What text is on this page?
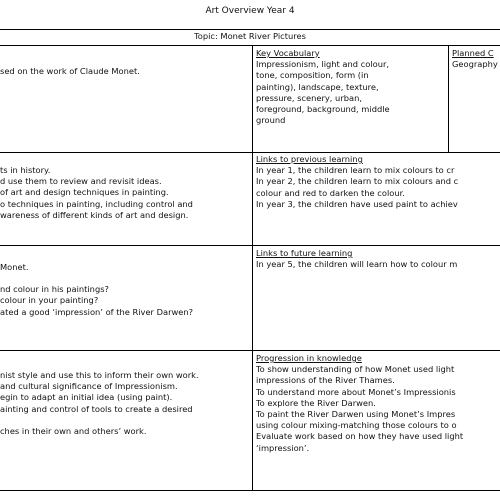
Art Overview Year 4
Topic: Monet River Pictures
sed on the work of Claude Monet.
Key Vocabulary
Impressionism, light and colour,
tone, composition, form (in
painting), landscape, texture,
pressure, scenery, urban,
foreground, background, middle
ground
Planned C
Geography
ts in history.
d use them to review and revisit ideas.
of art and design techniques in painting.
o techniques in painting, including control and
wareness of different kinds of art and design.
Links to previous learning
In year 1, the children learn to mix colours to cr
In year 2, the children learn to mix colours and c
colour and red to darken the colour.
In year 3, the children have used paint to achiev
Monet.
nd colour in his paintings?
colour in your painting?
ated a good ‘impression’ of the River Darwen?
Links to future learning
In year 5, the children will learn how to colour m
nist style and use this to inform their own work.
and cultural significance of Impressionism.
egin to adapt an initial idea (using paint).
ainting and control of tools to create a desired
ches in their own and others’ work.
Progression in knowledge
To show understanding of how Monet used light
impressions of the River Thames.
To understand more about Monet’s Impressionis
To explore the River Darwen.
To paint the River Darwen using Monet’s Impres
using colour mixing-matching those colours to o
Evaluate work based on how they have used light
‘impression’.
